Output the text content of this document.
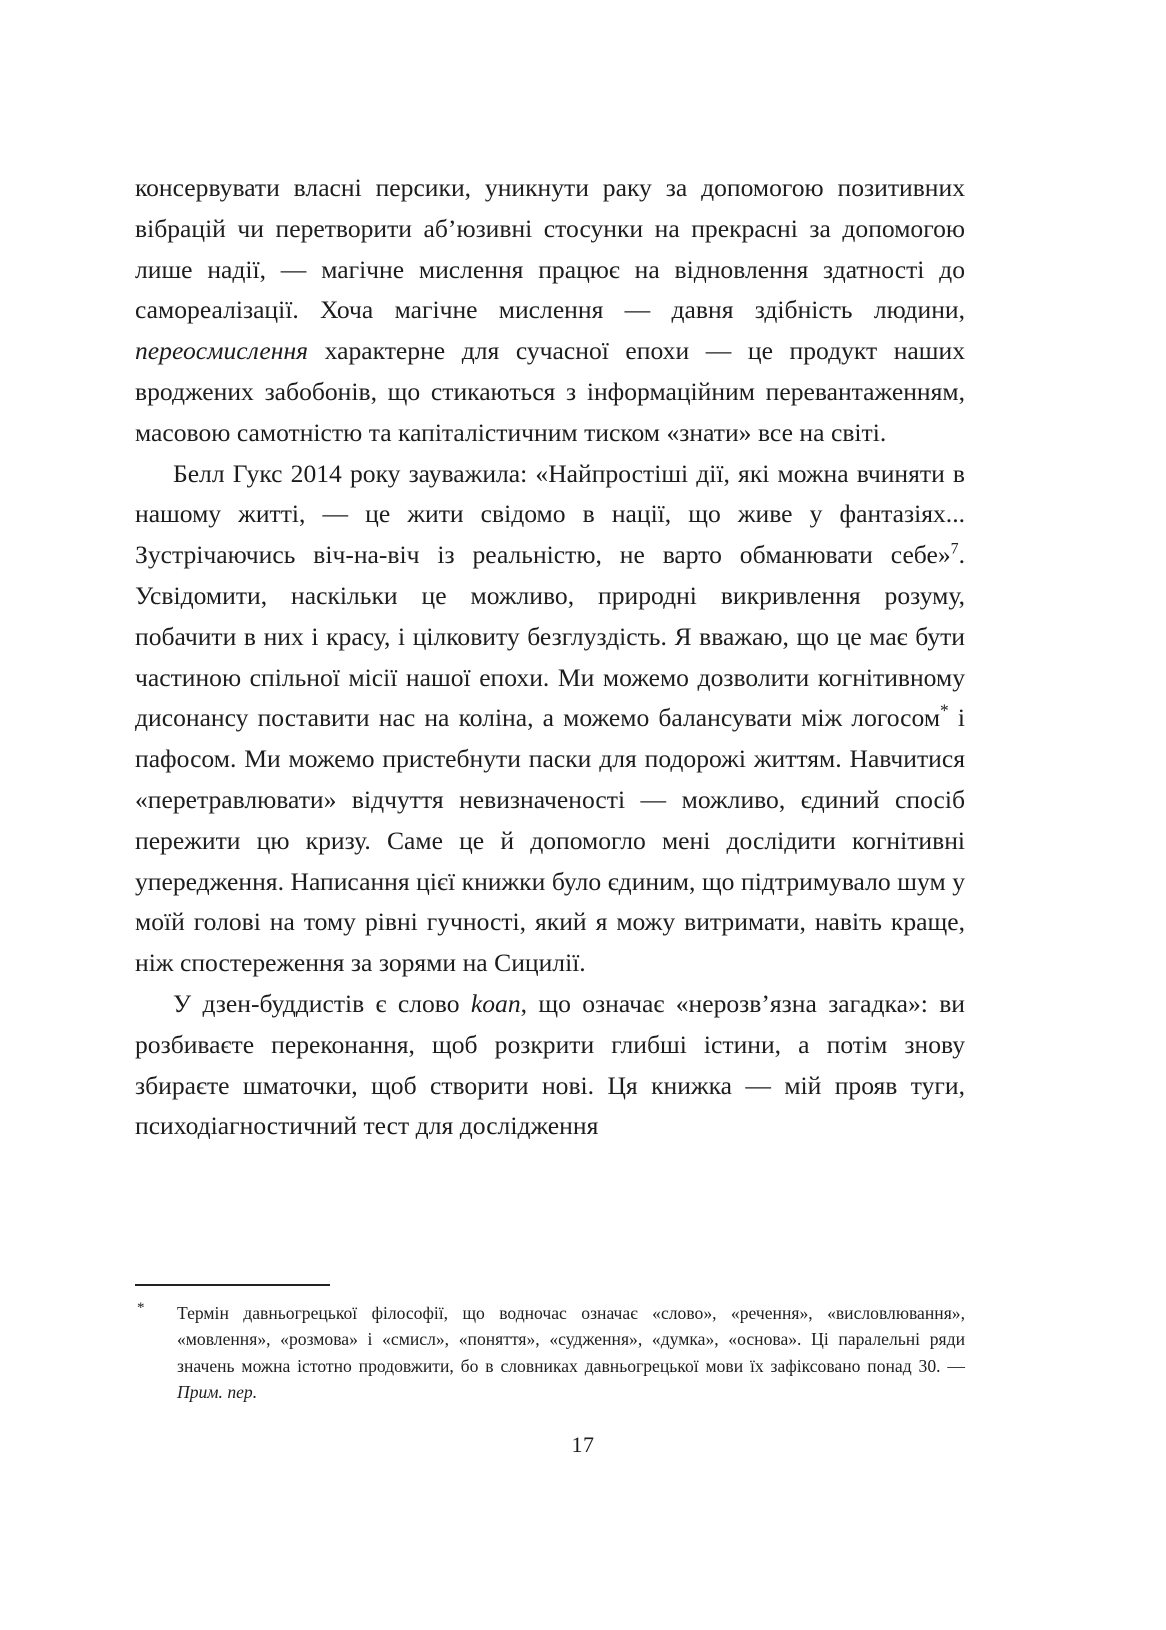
консервувати власні персики, уникнути раку за допомогою позитивних вібрацій чи перетворити аб’юзивні стосунки на прекрасні за допомогою лише надії, — магічне мислення працює на відновлення здатності до самореалізації. Хоча магічне мислення — давня здібність людини, переосмислення характерне для сучасної епохи — це продукт наших вроджених забобонів, що стикаються з інформаційним перевантаженням, масовою самотністю та капіталістичним тиском «знати» все на світі.

Белл Гукс 2014 року зауважила: «Найпростіші дії, які можна вчиняти в нашому житті, — це жити свідомо в нації, що живе у фантазіях... Зустрічаючись віч-на-віч із реальністю, не варто обманювати себе»$^7$. Усвідомити, наскільки це можливо, природні викривлення розуму, побачити в них і красу, і цілковиту безглуздість. Я вважаю, що це має бути частиною спільної місії нашої епохи. Ми можемо дозволити когнітивному дисонансу поставити нас на коліна, а можемо балансувати між логосом* і пафосом. Ми можемо пристебнути паски для подорожі життям. Навчитися «перетравлювати» відчуття невизначеності — можливо, єдиний спосіб пережити цю кризу. Саме це й допомогло мені дослідити когнітивні упередження. Написання цієї книжки було єдиним, що підтримувало шум у моїй голові на тому рівні гучності, який я можу витримати, навіть краще, ніж спостереження за зорями на Сицилії.

У дзен-буддистів є слово koan, що означає «нерозв’язна загадка»: ви розбиваєте переконання, щоб розкрити глибші істини, а потім знову збираєте шматочки, щоб створити нові. Ця книжка — мій прояв туги, психодіагностичний тест для дослідження

* Термін давньогрецької філософії, що водночас означає «слово», «речення», «висловлювання», «мовлення», «розмова» і «смисл», «поняття», «судження», «думка», «основа». Ці паралельні ряди значень можна істотно продовжити, бо в словниках давньогрецької мови їх зафіксовано понад 30. — Прим. пер.
17
